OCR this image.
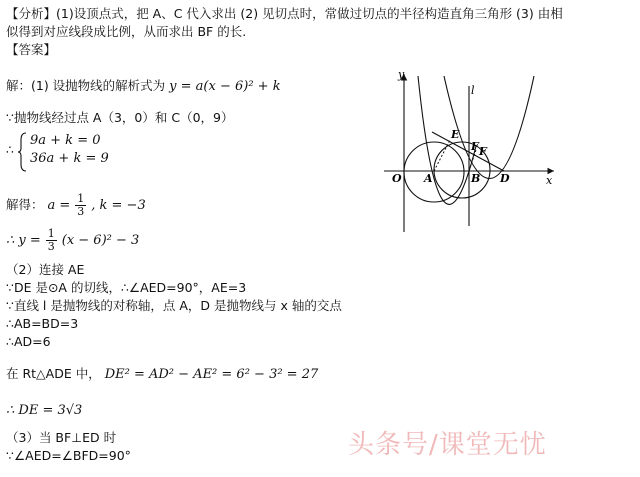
【分析】(1)设顶点式，把 A、C 代入求出 (2) 见切点时，常做过切点的半径构造直角三角形 (3) 由相
似得到对应线段成比例，从而求出 BF 的长.
【答案】
解：(1) 设抛物线的解析式为 y = a(x − 6)² + k
∵抛物线经过点 A（3，0）和 C（0，9）
∴
9a + k = 0
36a + k = 9
解得： $a = \frac{1}{3}$ , k = −3
∴ $y = \frac{1}{3} (x - 6)^2 - 3$
（2）连接 AE
∵DE 是⊙A 的切线，∴∠AED=90°，AE=3
∵直线 l 是抛物线的对称轴，点 A，D 是抛物线与 x 轴的交点
∴AB=BD=3
∴AD=6
在 Rt△ADE 中， DE² = AD² − AE² = 6² − 3² = 27
∴ DE = 3√3
（3）当 BF⊥ED 时
∵∠AED=∠BFD=90°
y
l
x
O A	B D
E
F F
头条号/课堂无忧
